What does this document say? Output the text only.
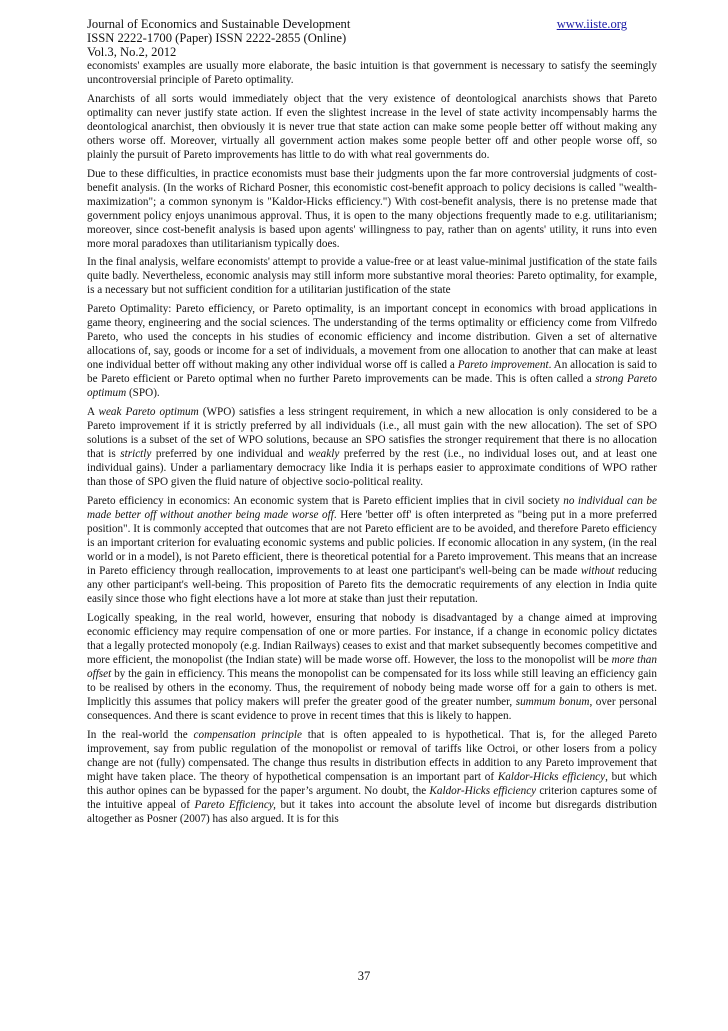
Journal of Economics and Sustainable Development	www.iiste.org
ISSN 2222-1700 (Paper) ISSN 2222-2855 (Online)
Vol.3, No.2, 2012

economists' examples are usually more elaborate, the basic intuition is that government is necessary to satisfy the seemingly uncontroversial principle of Pareto optimality.

Anarchists of all sorts would immediately object that the very existence of deontological anarchists shows that Pareto optimality can never justify state action. If even the slightest increase in the level of state activity incompensably harms the deontological anarchist, then obviously it is never true that state action can make some people better off without making any others worse off. Moreover, virtually all government action makes some people better off and other people worse off, so plainly the pursuit of Pareto improvements has little to do with what real governments do.

Due to these difficulties, in practice economists must base their judgments upon the far more controversial judgments of cost-benefit analysis. (In the works of Richard Posner, this economistic cost-benefit approach to policy decisions is called "wealth-maximization"; a common synonym is "Kaldor-Hicks efficiency.") With cost-benefit analysis, there is no pretense made that government policy enjoys unanimous approval. Thus, it is open to the many objections frequently made to e.g. utilitarianism; moreover, since cost-benefit analysis is based upon agents' willingness to pay, rather than on agents' utility, it runs into even more moral paradoxes than utilitarianism typically does.

In the final analysis, welfare economists' attempt to provide a value-free or at least value-minimal justification of the state fails quite badly. Nevertheless, economic analysis may still inform more substantive moral theories: Pareto optimality, for example, is a necessary but not sufficient condition for a utilitarian justification of the state

Pareto Optimality: Pareto efficiency, or Pareto optimality, is an important concept in economics with broad applications in game theory, engineering and the social sciences. The understanding of the terms optimality or efficiency come from Vilfredo Pareto, who used the concepts in his studies of economic efficiency and income distribution. Given a set of alternative allocations of, say, goods or income for a set of individuals, a movement from one allocation to another that can make at least one individual better off without making any other individual worse off is called a Pareto improvement. An allocation is said to be Pareto efficient or Pareto optimal when no further Pareto improvements can be made. This is often called a strong Pareto optimum (SPO).

A weak Pareto optimum (WPO) satisfies a less stringent requirement, in which a new allocation is only considered to be a Pareto improvement if it is strictly preferred by all individuals (i.e., all must gain with the new allocation). The set of SPO solutions is a subset of the set of WPO solutions, because an SPO satisfies the stronger requirement that there is no allocation that is strictly preferred by one individual and weakly preferred by the rest (i.e., no individual loses out, and at least one individual gains). Under a parliamentary democracy like India it is perhaps easier to approximate conditions of WPO rather than those of SPO given the fluid nature of objective socio-political reality.

Pareto efficiency in economics: An economic system that is Pareto efficient implies that in civil society no individual can be made better off without another being made worse off. Here 'better off' is often interpreted as "being put in a more preferred position". It is commonly accepted that outcomes that are not Pareto efficient are to be avoided, and therefore Pareto efficiency is an important criterion for evaluating economic systems and public policies. If economic allocation in any system, (in the real world or in a model), is not Pareto efficient, there is theoretical potential for a Pareto improvement. This means that an increase in Pareto efficiency through reallocation, improvements to at least one participant's well-being can be made without reducing any other participant's well-being. This proposition of Pareto fits the democratic requirements of any election in India quite easily since those who fight elections have a lot more at stake than just their reputation.

Logically speaking, in the real world, however, ensuring that nobody is disadvantaged by a change aimed at improving economic efficiency may require compensation of one or more parties. For instance, if a change in economic policy dictates that a legally protected monopoly (e.g. Indian Railways) ceases to exist and that market subsequently becomes competitive and more efficient, the monopolist (the Indian state) will be made worse off. However, the loss to the monopolist will be more than offset by the gain in efficiency. This means the monopolist can be compensated for its loss while still leaving an efficiency gain to be realised by others in the economy. Thus, the requirement of nobody being made worse off for a gain to others is met. Implicitly this assumes that policy makers will prefer the greater good of the greater number, summum bonum, over personal consequences. And there is scant evidence to prove in recent times that this is likely to happen.

In the real-world the compensation principle that is often appealed to is hypothetical. That is, for the alleged Pareto improvement, say from public regulation of the monopolist or removal of tariffs like Octroi, or other losers from a policy change are not (fully) compensated. The change thus results in distribution effects in addition to any Pareto improvement that might have taken place. The theory of hypothetical compensation is an important part of Kaldor-Hicks efficiency, but which this author opines can be bypassed for the paper’s argument. No doubt, the Kaldor-Hicks efficiency criterion captures some of the intuitive appeal of Pareto Efficiency, but it takes into account the absolute level of income but disregards distribution altogether as Posner (2007) has also argued. It is for this

37
